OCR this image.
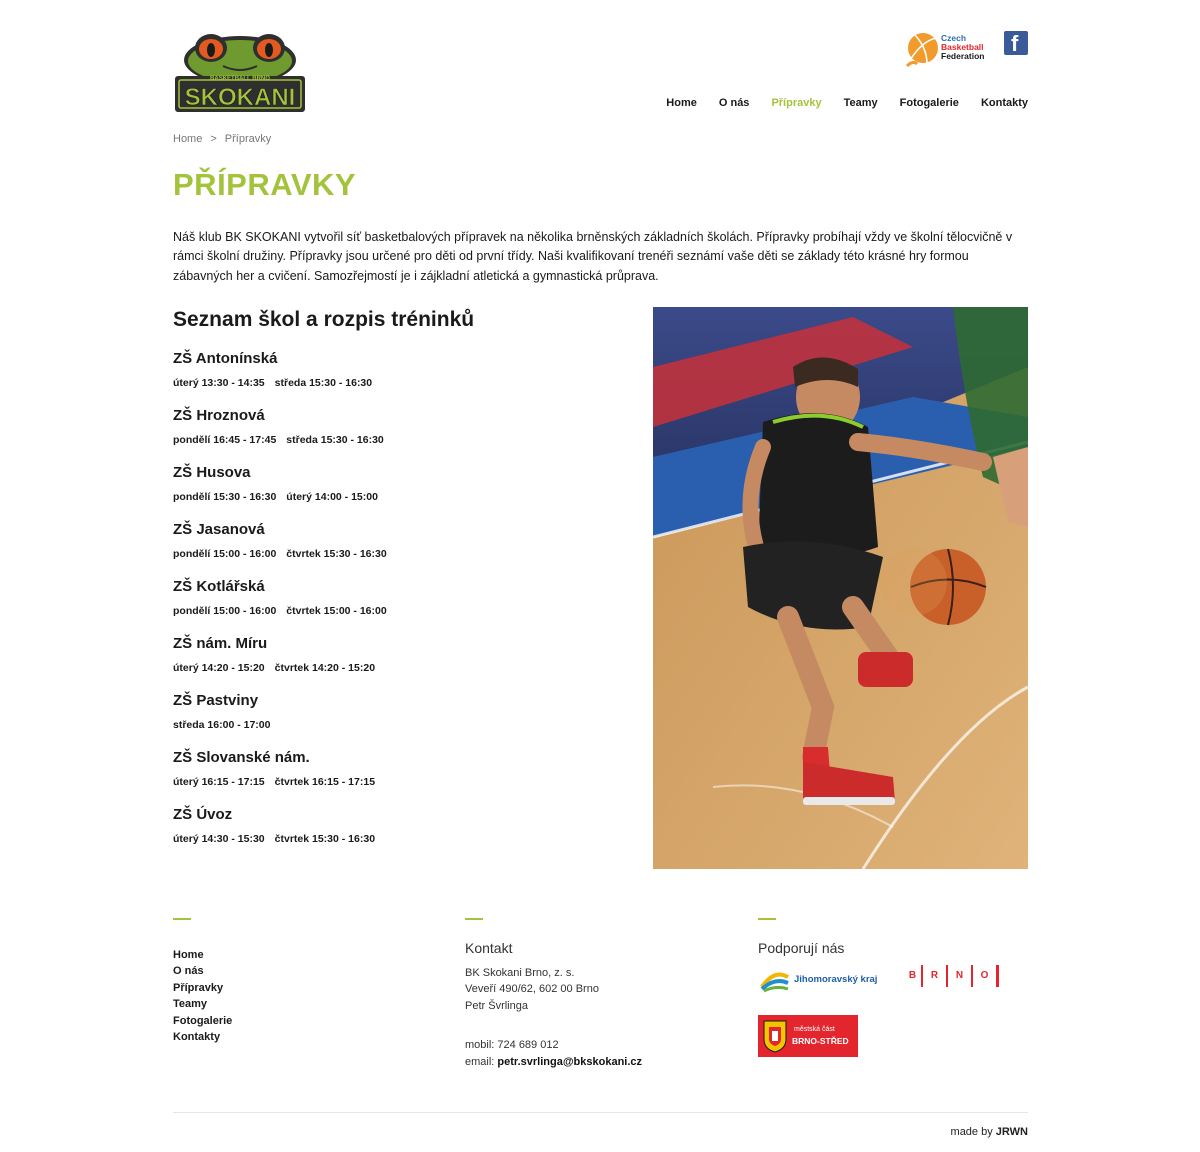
BASKETBALL BRNO
SKOKANI
Czech
Basketball
Federation f
Home O nás Přípravky Teamy Fotogalerie Kontakty
Home > Přípravky
PŘÍPRAVKY

Náš klub BK SKOKANI vytvořil síť basketbalových přípravek na několika brněnských základních školách. Přípravky probíhají vždy ve školní tělocvičně v rámci školní družiny. Přípravky jsou určené pro děti od první třídy. Naši kvalifikovaní trenéři seznámí vaše děti se základy této krásné hry formou zábavných her a cvičení. Samozřejmostí je i zájkladní atletická a gymnastická průprava.

Seznam škol a rozpis tréninků
ZŠ Antonínská
úterý 13:30 - 14:35 středa 15:30 - 16:30
ZŠ Hroznová
pondělí 16:45 - 17:45 středa 15:30 - 16:30
ZŠ Husova
pondělí 15:30 - 16:30 úterý 14:00 - 15:00
ZŠ Jasanová
pondělí 15:00 - 16:00 čtvrtek 15:30 - 16:30
ZŠ Kotlářská
pondělí 15:00 - 16:00 čtvrtek 15:00 - 16:00
ZŠ nám. Míru
úterý 14:20 - 15:20 čtvrtek 14:20 - 15:20
ZŠ Pastviny
středa 16:00 - 17:00
ZŠ Slovanské nám.
úterý 16:15 - 17:15 čtvrtek 16:15 - 17:15
ZŠ Úvoz
úterý 14:30 - 15:30 čtvrtek 15:30 - 16:30
Home
O nás
Přípravky
Teamy
Fotogalerie
Kontakty
Kontakt
BK Skokani Brno, z. s.
Veveří 490/62, 602 00 Brno
Petr Švrlinga
mobil: 724 689 012
email: petr.svrlinga@bkskokani.cz
Podporují nás
Jihomoravský kraj	B	R	N	O
městská část
BRNO-STŘED
made by JRWN
